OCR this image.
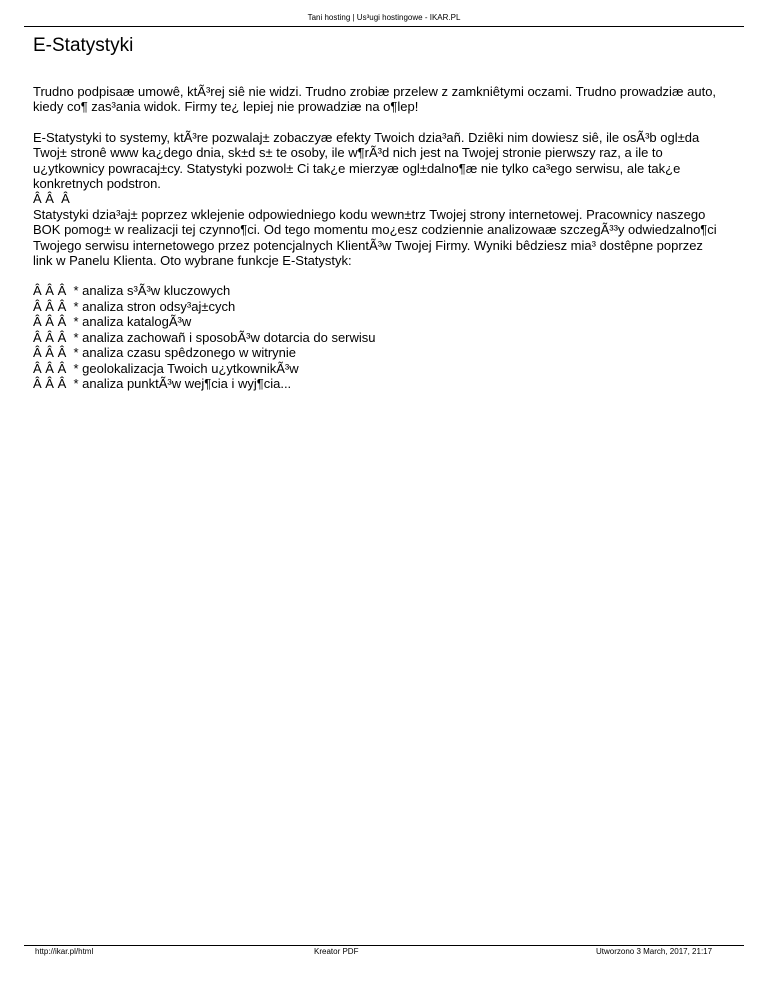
Tani hosting | Us³ugi hostingowe - IKAR.PL
E-Statystyki

Trudno podpisaæ umowê, ktÃ³rej siê nie widzi. Trudno zrobiæ przelew z zamkniêtymi oczami. Trudno prowadziæ auto, kiedy co¶ zas³ania widok. Firmy te¿ lepiej nie prowadziæ na o¶lep!

E-Statystyki to systemy, ktÃ³re pozwalaj± zobaczyæ efekty Twoich dzia³añ. Dziêki nim dowiesz siê, ile osÃ³b ogl±da Twoj± stronê www ka¿dego dnia, sk±d s± te osoby, ile w¶rÃ³d nich jest na Twojej stronie pierwszy raz, a ile to u¿ytkownicy powracaj±cy. Statystyki pozwol± Ci tak¿e mierzyæ ogl±dalno¶æ nie tylko ca³ego serwisu, ale tak¿e konkretnych podstron.
Â Â  Â
Statystyki dzia³aj± poprzez wklejenie odpowiedniego kodu wewn±trz Twojej strony internetowej. Pracownicy naszego BOK pomog± w realizacji tej czynno¶ci. Od tego momentu mo¿esz codziennie analizowaæ szczegÃ³³y odwiedzalno¶ci Twojego serwisu internetowego przez potencjalnych KlientÃ³w Twojej Firmy. Wyniki bêdziesz mia³ dostêpne poprzez link w Panelu Klienta. Oto wybrane funkcje E-Statystyk:

Â Â Â  * analiza s³Ã³w kluczowych
Â Â Â  * analiza stron odsy³aj±cych
Â Â Â  * analiza katalogÃ³w
Â Â Â  * analiza zachowañ i sposobÃ³w dotarcia do serwisu
Â Â Â  * analiza czasu spêdzonego w witrynie
Â Â Â  * geolokalizacja Twoich u¿ytkownikÃ³w
Â Â Â  * analiza punktÃ³w wej¶cia i wyj¶cia...
http://ikar.pl/html	Kreator PDF	Utworzono 3 March, 2017, 21:17
